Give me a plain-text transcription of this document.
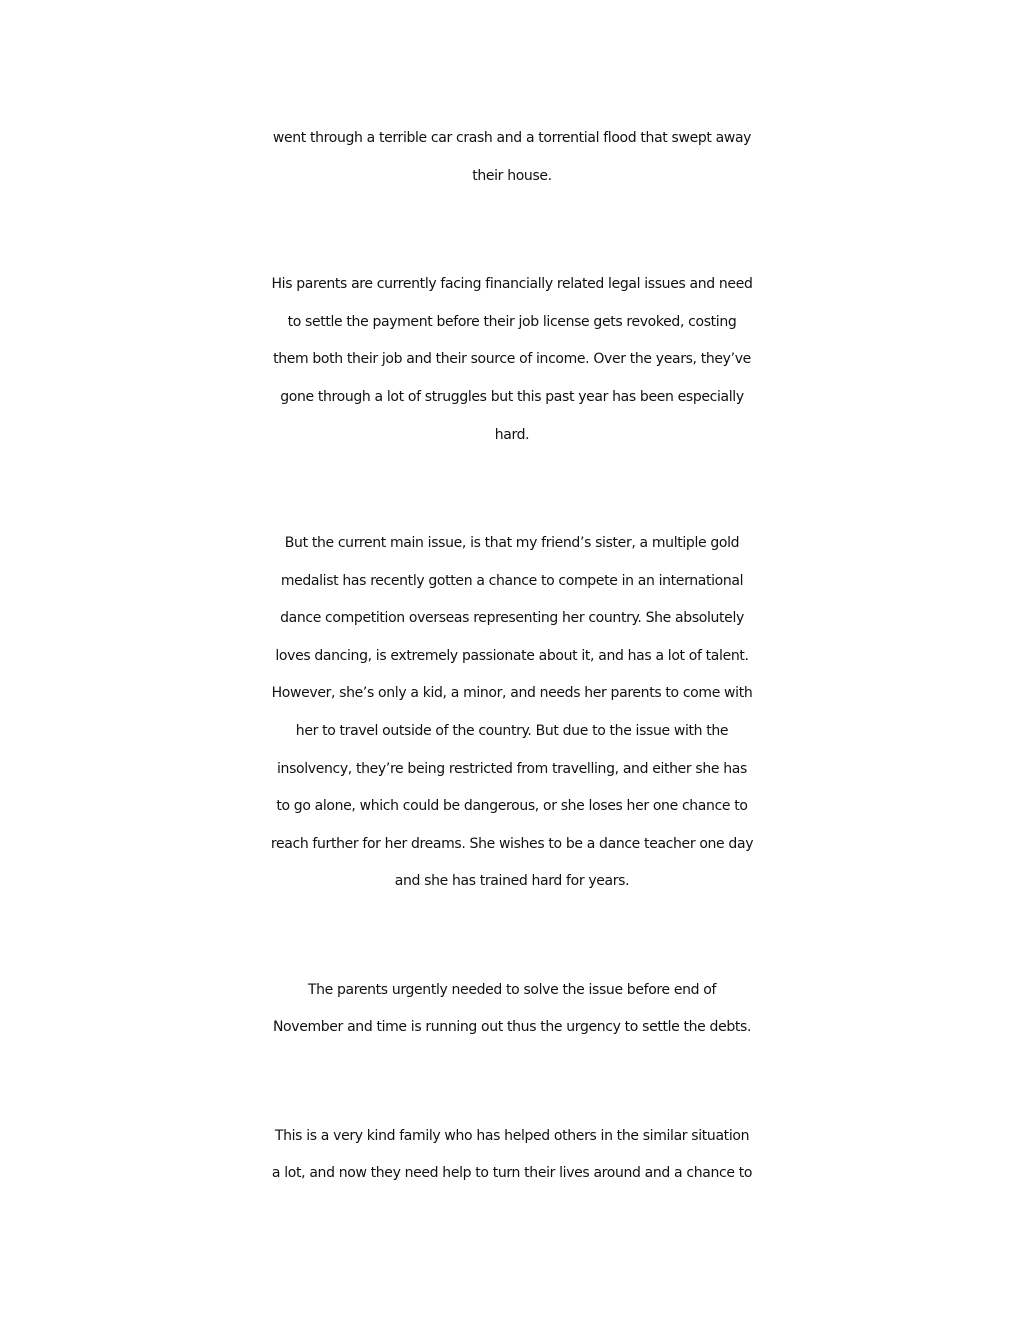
went through a terrible car crash and a torrential flood that swept away
their house.
His parents are currently facing financially related legal issues and need
to settle the payment before their job license gets revoked, costing
them both their job and their source of income. Over the years, they’ve
gone through a lot of struggles but this past year has been especially
hard.
But the current main issue, is that my friend’s sister, a multiple gold
medalist has recently gotten a chance to compete in an international
dance competition overseas representing her country. She absolutely
loves dancing, is extremely passionate about it, and has a lot of talent.
However, she’s only a kid, a minor, and needs her parents to come with
her to travel outside of the country. But due to the issue with the
insolvency, they’re being restricted from travelling, and either she has
to go alone, which could be dangerous, or she loses her one chance to
reach further for her dreams. She wishes to be a dance teacher one day
and she has trained hard for years.
The parents urgently needed to solve the issue before end of
November and time is running out thus the urgency to settle the debts.
This is a very kind family who has helped others in the similar situation
a lot, and now they need help to turn their lives around and a chance to
